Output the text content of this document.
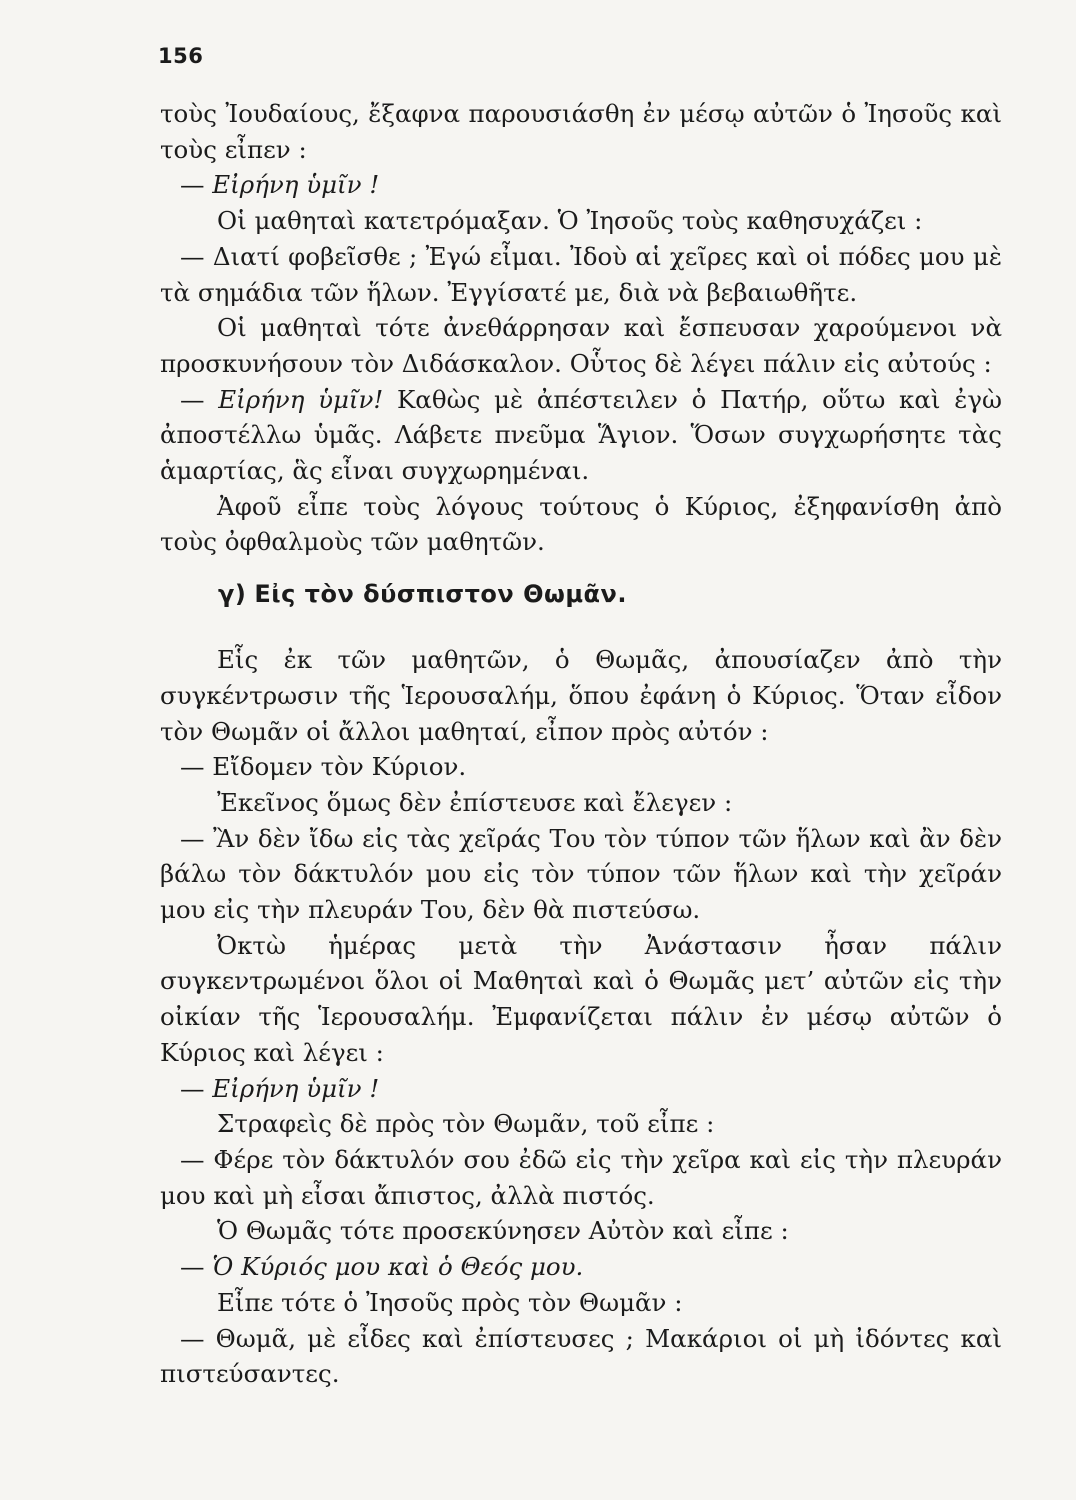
156

τοὺς Ἰουδαίους, ἔξαφνα παρουσιάσθη ἐν μέσῳ αὐτῶν ὁ Ἰησοῦς καὶ τοὺς εἶπεν :

— Εἰρήνη ὑμῖν !

Οἱ μαθηταὶ κατετρόμαξαν. Ὁ Ἰησοῦς τοὺς καθησυχάζει :

— Διατί φοβεῖσθε ; Ἐγώ εἶμαι. Ἰδοὺ αἱ χεῖρες καὶ οἱ πόδες μου μὲ τὰ σημάδια τῶν ἥλων. Ἐγγίσατέ με, διὰ νὰ βεβαιωθῆτε.

Οἱ μαθηταὶ τότε ἀνεθάρρησαν καὶ ἔσπευσαν χαρούμενοι νὰ προσκυνήσουν τὸν Διδάσκαλον. Οὗτος δὲ λέγει πάλιν εἰς αὐτούς :

— Εἰρήνη ὑμῖν! Καθὼς μὲ ἀπέστειλεν ὁ Πατήρ, οὕτω καὶ ἐγὼ ἀποστέλλω ὑμᾶς. Λάβετε πνεῦμα Ἅγιον. Ὅσων συγχωρήσητε τὰς ἁμαρτίας, ἃς εἶναι συγχωρημέναι.

Ἀφοῦ εἶπε τοὺς λόγους τούτους ὁ Κύριος, ἐξηφανίσθη ἀπὸ τοὺς ὀφθαλμοὺς τῶν μαθητῶν.

γ) Εἰς τὸν δύσπιστον Θωμᾶν.

Εἷς ἐκ τῶν μαθητῶν, ὁ Θωμᾶς, ἀπουσίαζεν ἀπὸ τὴν συγκέντρωσιν τῆς Ἱερουσαλήμ, ὅπου ἐφάνη ὁ Κύριος. Ὅταν εἶδον τὸν Θωμᾶν οἱ ἄλλοι μαθηταί, εἶπον πρὸς αὐτόν :

— Εἴδομεν τὸν Κύριον.

Ἐκεῖνος ὅμως δὲν ἐπίστευσε καὶ ἔλεγεν :

— Ἂν δὲν ἴδω εἰς τὰς χεῖράς Του τὸν τύπον τῶν ἥλων καὶ ἂν δὲν βάλω τὸν δάκτυλόν μου εἰς τὸν τύπον τῶν ἥλων καὶ τὴν χεῖράν μου εἰς τὴν πλευράν Του, δὲν θὰ πιστεύσω.

Ὀκτὼ ἡμέρας μετὰ τὴν Ἀνάστασιν ἦσαν πάλιν συγκεντρωμένοι ὅλοι οἱ Μαθηταὶ καὶ ὁ Θωμᾶς μετ’ αὐτῶν εἰς τὴν οἰκίαν τῆς Ἱερουσαλήμ. Ἐμφανίζεται πάλιν ἐν μέσῳ αὐτῶν ὁ Κύριος καὶ λέγει :

— Εἰρήνη ὑμῖν !

Στραφεὶς δὲ πρὸς τὸν Θωμᾶν, τοῦ εἶπε :

— Φέρε τὸν δάκτυλόν σου ἐδῶ εἰς τὴν χεῖρα καὶ εἰς τὴν πλευράν μου καὶ μὴ εἶσαι ἄπιστος, ἀλλὰ πιστός.

Ὁ Θωμᾶς τότε προσεκύνησεν Αὐτὸν καὶ εἶπε :

— Ὁ Κύριός μου καὶ ὁ Θεός μου.

Εἶπε τότε ὁ Ἰησοῦς πρὸς τὸν Θωμᾶν :

— Θωμᾶ, μὲ εἶδες καὶ ἐπίστευσες ; Μακάριοι οἱ μὴ ἰδόντες καὶ πιστεύσαντες.
